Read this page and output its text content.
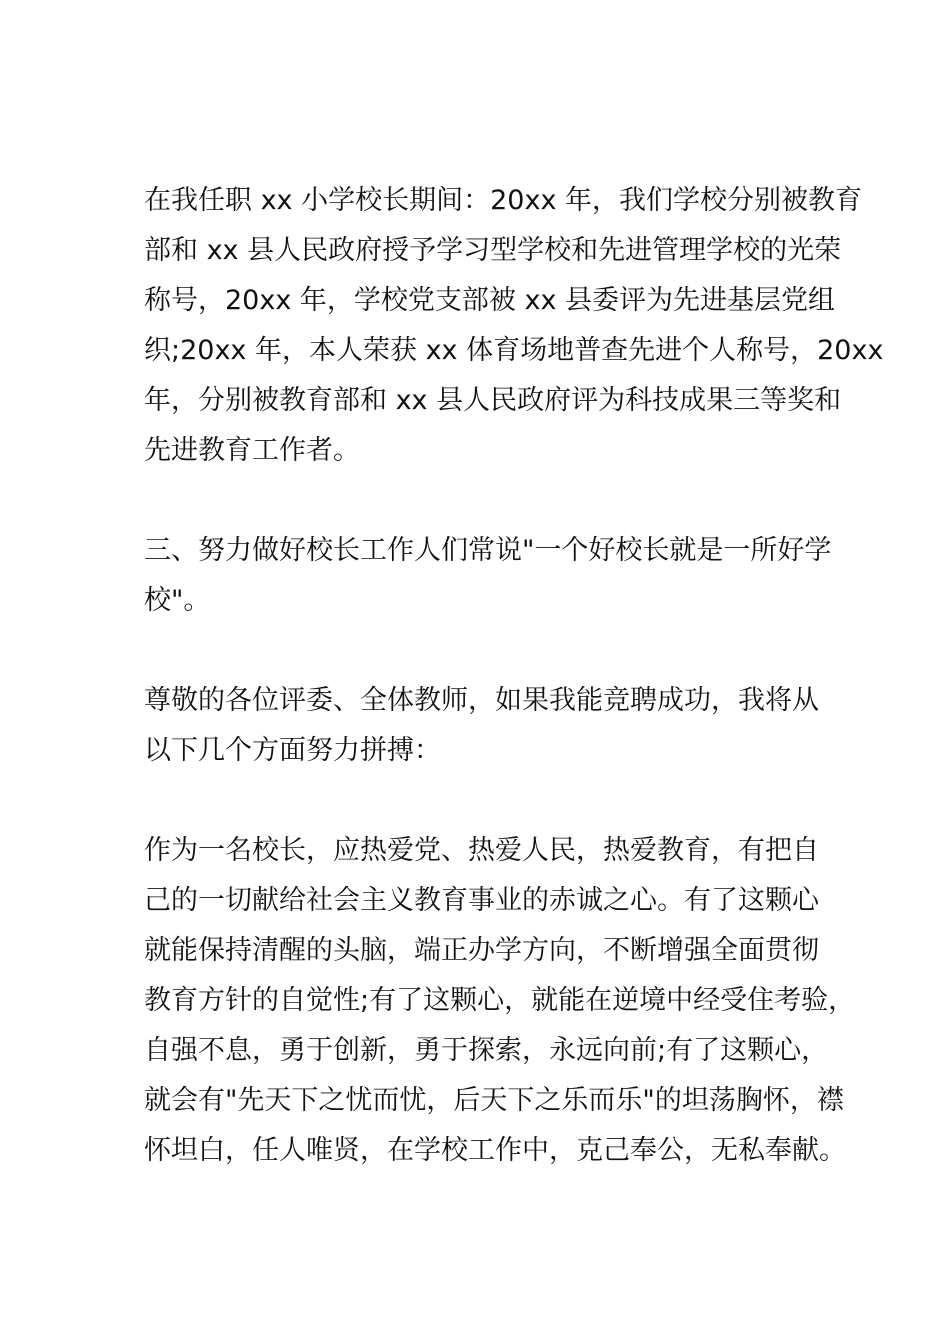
在我任职 xx 小学校长期间：20xx 年，我们学校分别被教育
部和 xx 县人民政府授予学习型学校和先进管理学校的光荣
称号，20xx 年，学校党支部被 xx 县委评为先进基层党组
织;20xx 年，本人荣获 xx 体育场地普查先进个人称号，20xx
年，分别被教育部和 xx 县人民政府评为科技成果三等奖和
先进教育工作者。
三、努力做好校长工作人们常说"一个好校长就是一所好学
校"。
尊敬的各位评委、全体教师，如果我能竞聘成功，我将从
以下几个方面努力拼搏：
作为一名校长，应热爱党、热爱人民，热爱教育，有把自
己的一切献给社会主义教育事业的赤诚之心。有了这颗心
就能保持清醒的头脑，端正办学方向，不断增强全面贯彻
教育方针的自觉性;有了这颗心，就能在逆境中经受住考验，
自强不息，勇于创新，勇于探索，永远向前;有了这颗心，
就会有"先天下之忧而忧，后天下之乐而乐"的坦荡胸怀，襟
怀坦白，任人唯贤，在学校工作中，克己奉公，无私奉献。
